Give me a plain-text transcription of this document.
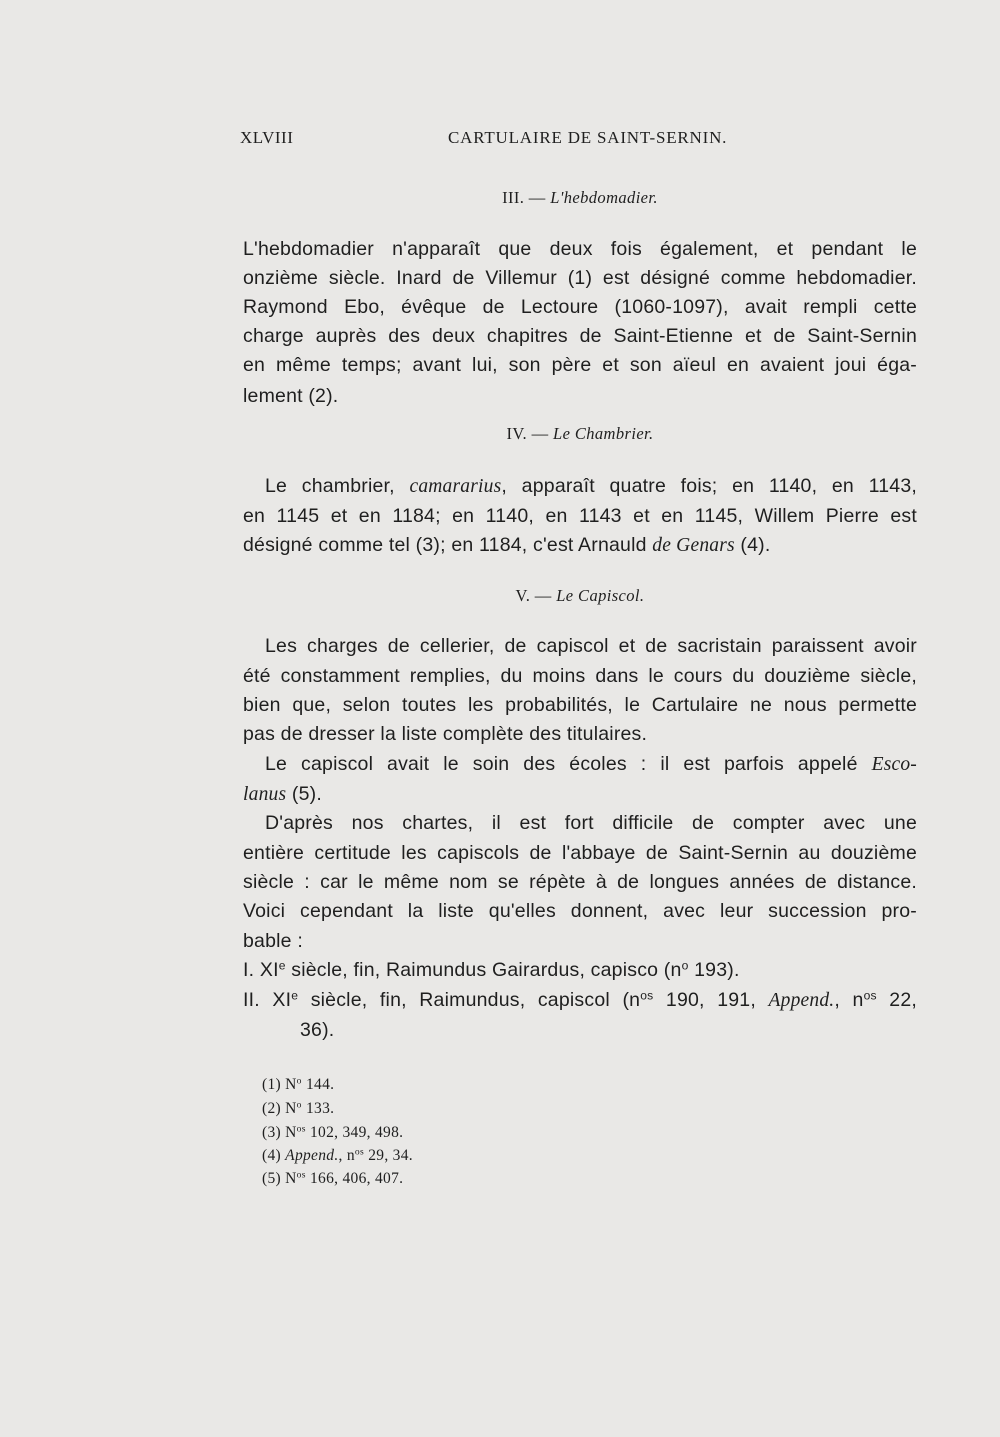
XLVIII	CARTULAIRE DE SAINT-SERNIN.
III. — L'hebdomadier.
L'hebdomadier n'apparaît que deux fois également, et pendant le
onzième siècle. Inard de Villemur (1) est désigné comme hebdomadier.
Raymond Ebo, évêque de Lectoure (1060-1097), avait rempli cette
charge auprès des deux chapitres de Saint-Etienne et de Saint-Sernin
en même temps; avant lui, son père et son aïeul en avaient joui éga-
lement (2).
IV. — Le Chambrier.
Le chambrier, camararius, apparaît quatre fois; en 1140, en 1143,
en 1145 et en 1184; en 1140, en 1143 et en 1145, Willem Pierre est
désigné comme tel (3); en 1184, c'est Arnauld de Genars (4).
V. — Le Capiscol.
Les charges de cellerier, de capiscol et de sacristain paraissent avoir
été constamment remplies, du moins dans le cours du douzième siècle,
bien que, selon toutes les probabilités, le Cartulaire ne nous permette
pas de dresser la liste complète des titulaires.
Le capiscol avait le soin des écoles : il est parfois appelé Esco-
lanus (5).
D'après nos chartes, il est fort difficile de compter avec une
entière certitude les capiscols de l'abbaye de Saint-Sernin au douzième
siècle : car le même nom se répète à de longues années de distance.
Voici cependant la liste qu'elles donnent, avec leur succession pro-
bable :
I. XIe siècle, fin, Raimundus Gairardus, capisco ($n^o$ 193).
II. XIe siècle, fin, Raimundus, capiscol ($n^{os}$ 190, 191, Append., $n^{os}$ 22,
36).
(1) $N^o$ 144.
(2) $N^o$ 133.
(3) $N^{os}$ 102, 349, 498.
(4) Append., $n^{os}$ 29, 34.
(5) $N^{os}$ 166, 406, 407.
